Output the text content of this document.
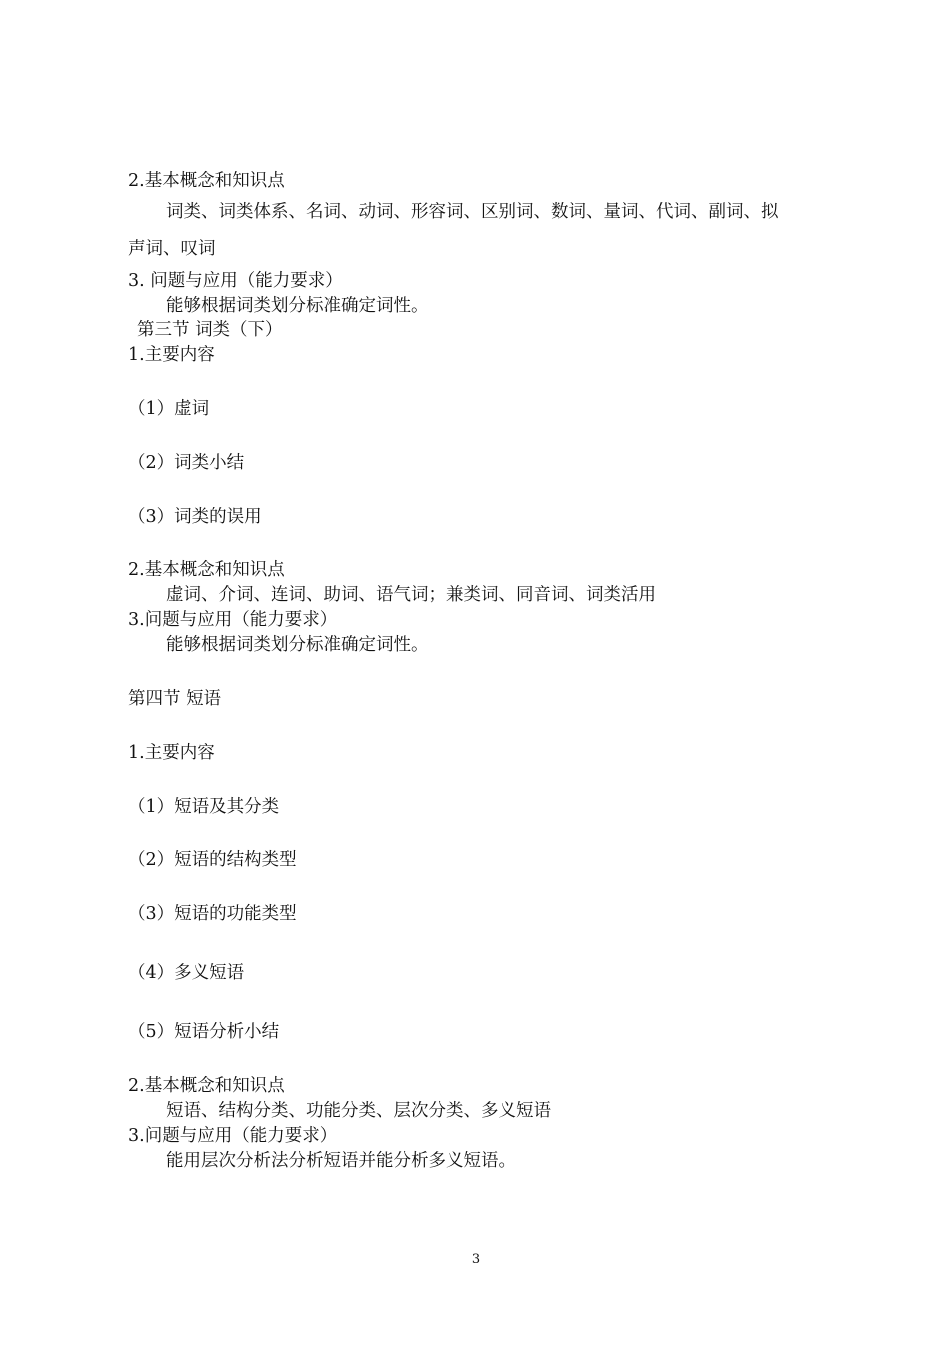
2.基本概念和知识点
词类、词类体系、名词、动词、形容词、区别词、数词、量词、代词、副词、拟
声词、叹词
3. 问题与应用（能力要求）
能够根据词类划分标准确定词性。
第三节 词类（下）
1.主要内容
（1）虚词
（2）词类小结
（3）词类的误用
2.基本概念和知识点
虚词、介词、连词、助词、语气词；兼类词、同音词、词类活用
3.问题与应用（能力要求）
能够根据词类划分标准确定词性。
第四节 短语
1.主要内容
（1）短语及其分类
（2）短语的结构类型
（3）短语的功能类型
（4）多义短语
（5）短语分析小结
2.基本概念和知识点
短语、结构分类、功能分类、层次分类、多义短语
3.问题与应用（能力要求）
能用层次分析法分析短语并能分析多义短语。
3
